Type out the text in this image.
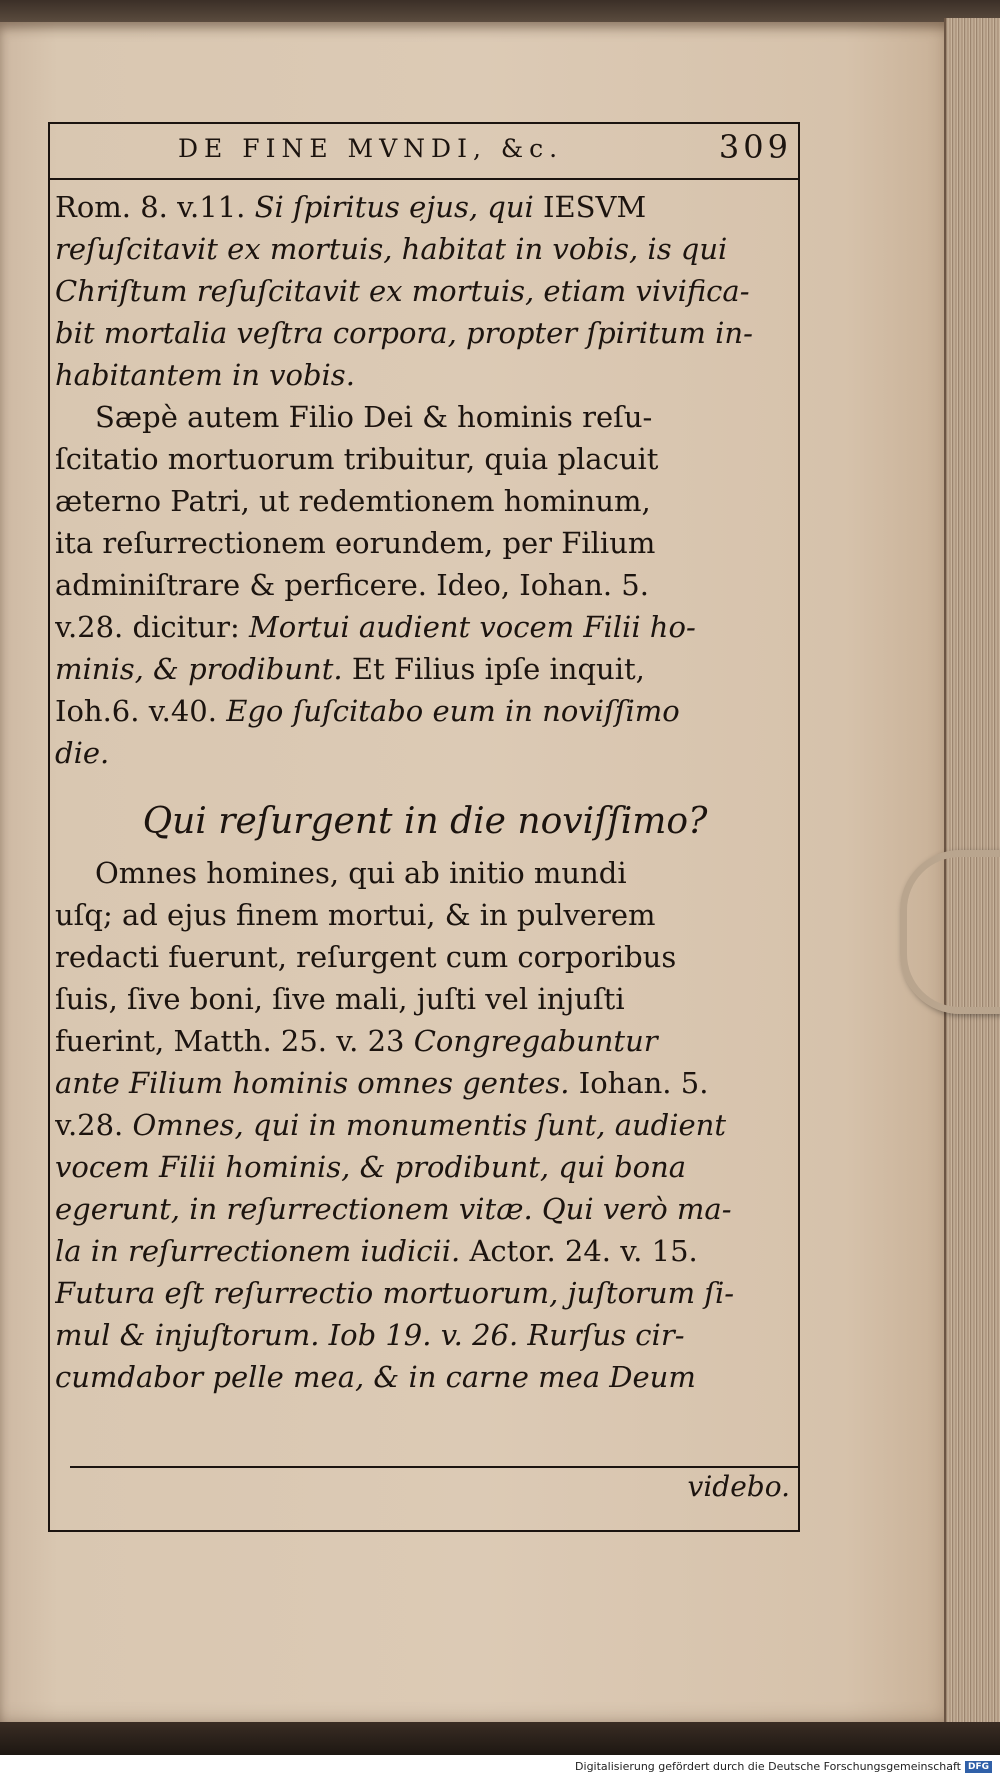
DE FINE MVNDI, &c.	309
Rom. 8. v.11. Si ſpiritus ejus, qui IESVM
reſuſcitavit ex mortuis, habitat in vobis, is qui
Chriſtum reſuſcitavit ex mortuis, etiam vivifica-
bit mortalia veſtra corpora, propter ſpiritum in-
habitantem in vobis.
Sæpè autem Filio Dei & hominis reſu-
ſcitatio mortuorum tribuitur, quia placuit
æterno Patri, ut redemtionem hominum,
ita reſurrectionem eorundem, per Filium
adminiſtrare & perficere. Ideo, Iohan. 5.
v.28. dicitur: Mortui audient vocem Filii ho-
minis, & prodibunt. Et Filius ipſe inquit,
Ioh.6. v.40. Ego ſuſcitabo eum in noviſſimo
die.
Qui reſurgent in die noviſſimo?
Omnes homines, qui ab initio mundi
uſq; ad ejus finem mortui, & in pulverem
redacti fuerunt, reſurgent cum corporibus
ſuis, ſive boni, ſive mali, juſti vel injuſti
fuerint, Matth. 25. v. 23 Congregabuntur
ante Filium hominis omnes gentes. Iohan. 5.
v.28. Omnes, qui in monumentis ſunt, audient
vocem Filii hominis, & prodibunt, qui bona
egerunt, in reſurrectionem vitæ. Qui verò ma-
la in reſurrectionem iudicii. Actor. 24. v. 15.
Futura eſt reſurrectio mortuorum, juſtorum ſi-
mul & injuſtorum. Iob 19. v. 26. Rurſus cir-
cumdabor pelle mea, & in carne mea Deum
videbo.
Digitalisierung gefördert durch die Deutsche Forschungsgemeinschaft DFG
